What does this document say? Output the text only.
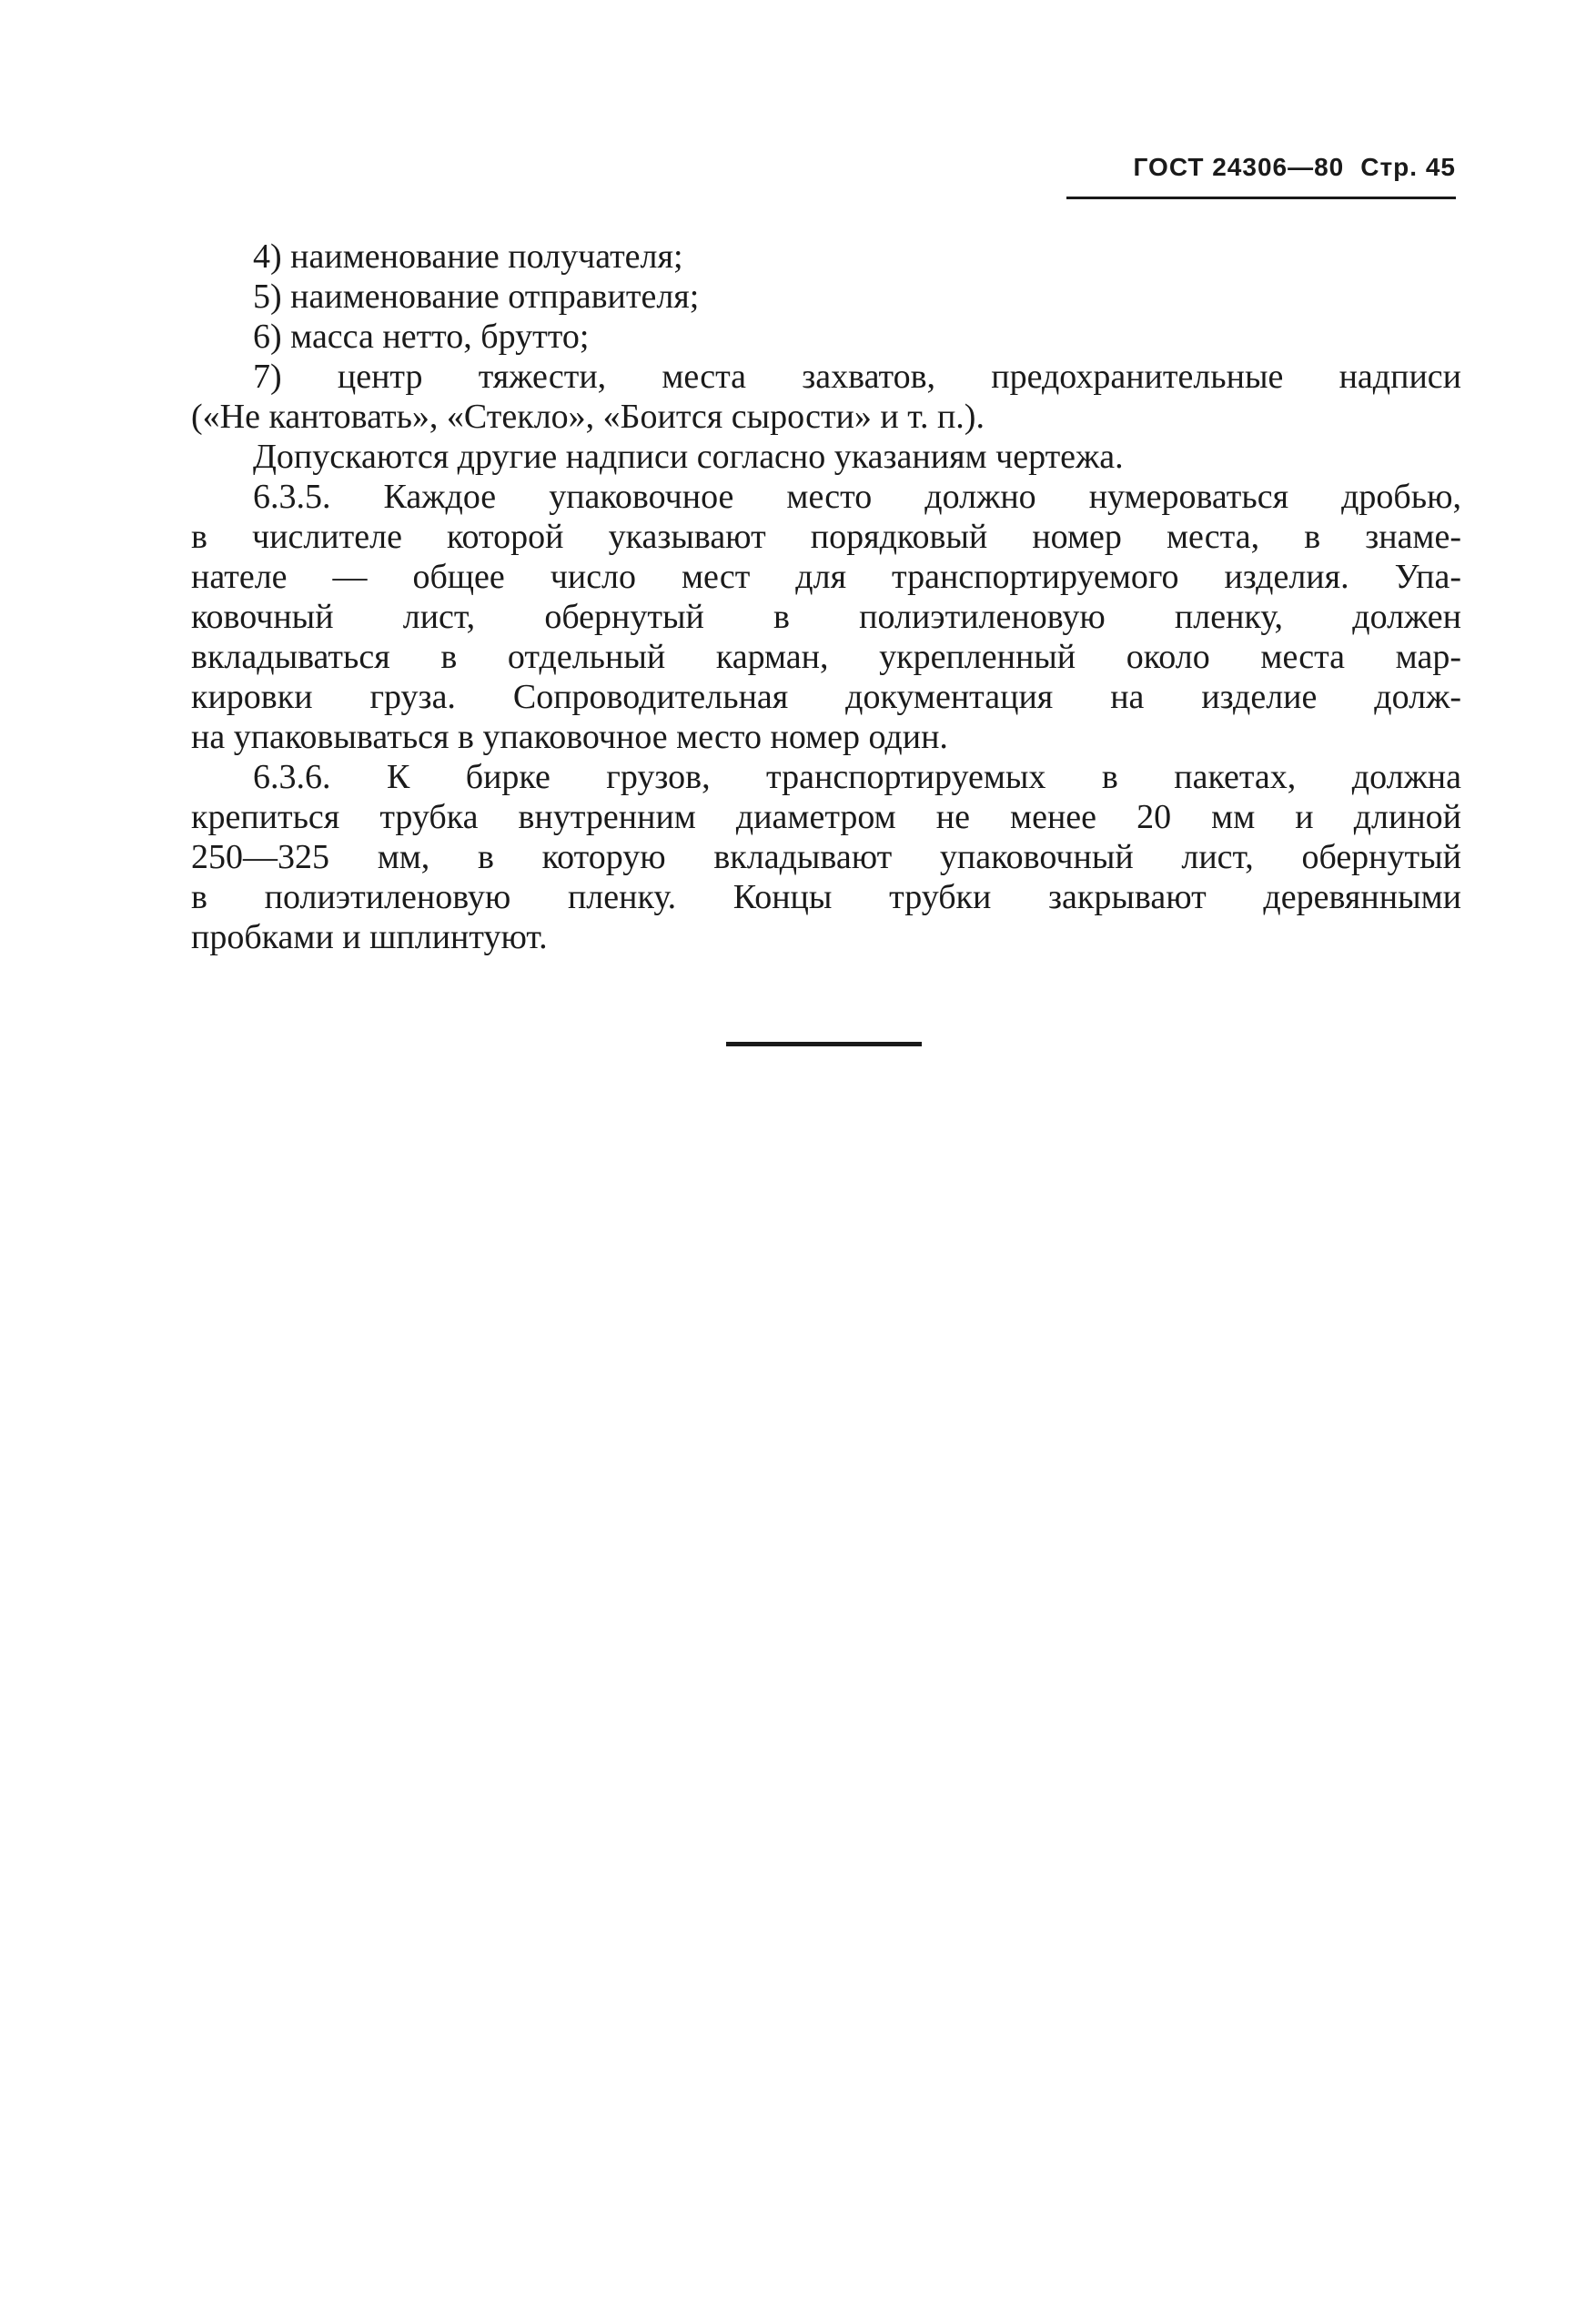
ГОСТ 24306—80 Стр. 45

4) наименование получателя;

5) наименование отправителя;

6) масса нетто, брутто;

7) центр тяжести, места захватов, предохранительные надписи

(«Не кантовать», «Стекло», «Боится сырости» и т. п.).

Допускаются другие надписи согласно указаниям чертежа.

6.3.5. Каждое упаковочное место должно нумероваться дробью,

в числителе которой указывают порядковый номер места, в знаме-

нателе — общее число мест для транспортируемого изделия. Упа-

ковочный лист, обернутый в полиэтиленовую пленку, должен

вкладываться в отдельный карман, укрепленный около места мар-

кировки груза. Сопроводительная документация на изделие долж-

на упаковываться в упаковочное место номер один.

6.3.6. К бирке грузов, транспортируемых в пакетах, должна

крепиться трубка внутренним диаметром не менее 20 мм и длиной

250—325 мм, в которую вкладывают упаковочный лист, обернутый

в полиэтиленовую пленку. Концы трубки закрывают деревянными

пробками и шплинтуют.
